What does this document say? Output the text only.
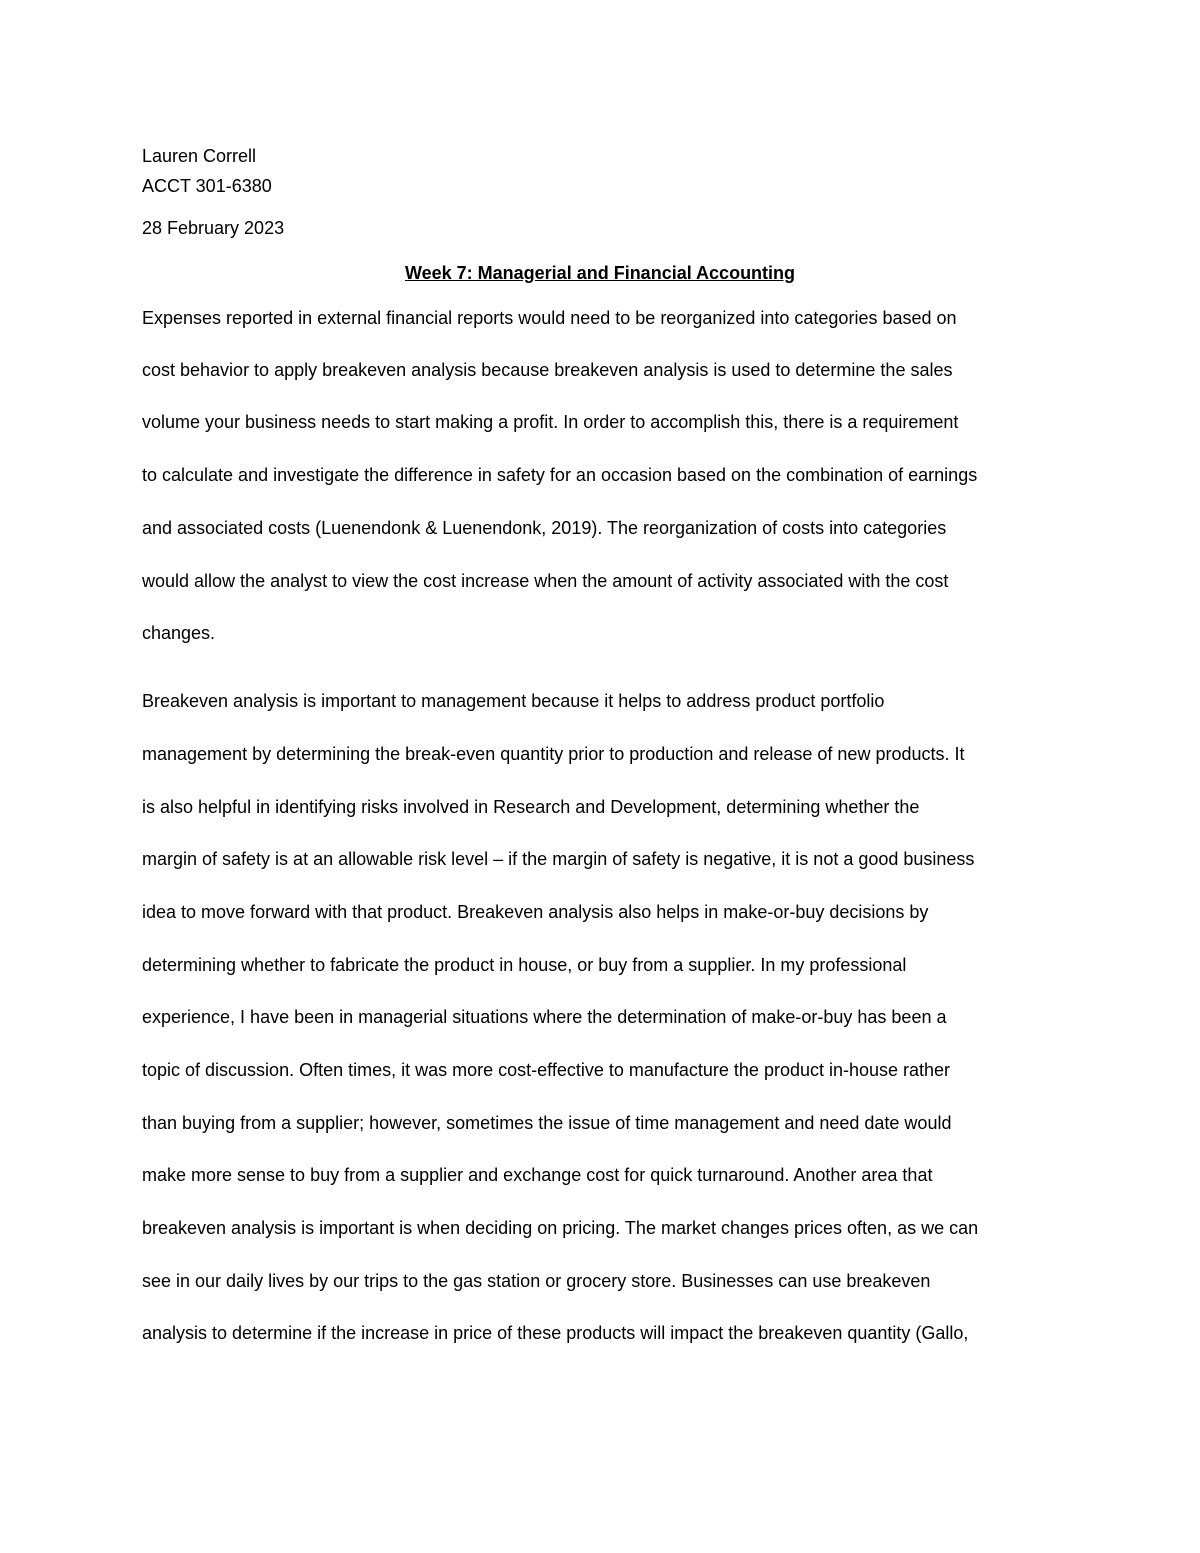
Lauren Correll
ACCT 301-6380
28 February 2023
Week 7: Managerial and Financial Accounting
Expenses reported in external financial reports would need to be reorganized into categories based on
cost behavior to apply breakeven analysis because breakeven analysis is used to determine the sales
volume your business needs to start making a profit. In order to accomplish this, there is a requirement
to calculate and investigate the difference in safety for an occasion based on the combination of earnings
and associated costs (Luenendonk & Luenendonk, 2019). The reorganization of costs into categories
would allow the analyst to view the cost increase when the amount of activity associated with the cost
changes.
Breakeven analysis is important to management because it helps to address product portfolio
management by determining the break-even quantity prior to production and release of new products. It
is also helpful in identifying risks involved in Research and Development, determining whether the
margin of safety is at an allowable risk level – if the margin of safety is negative, it is not a good business
idea to move forward with that product. Breakeven analysis also helps in make-or-buy decisions by
determining whether to fabricate the product in house, or buy from a supplier. In my professional
experience, I have been in managerial situations where the determination of make-or-buy has been a
topic of discussion. Often times, it was more cost-effective to manufacture the product in-house rather
than buying from a supplier; however, sometimes the issue of time management and need date would
make more sense to buy from a supplier and exchange cost for quick turnaround. Another area that
breakeven analysis is important is when deciding on pricing. The market changes prices often, as we can
see in our daily lives by our trips to the gas station or grocery store. Businesses can use breakeven
analysis to determine if the increase in price of these products will impact the breakeven quantity (Gallo,
